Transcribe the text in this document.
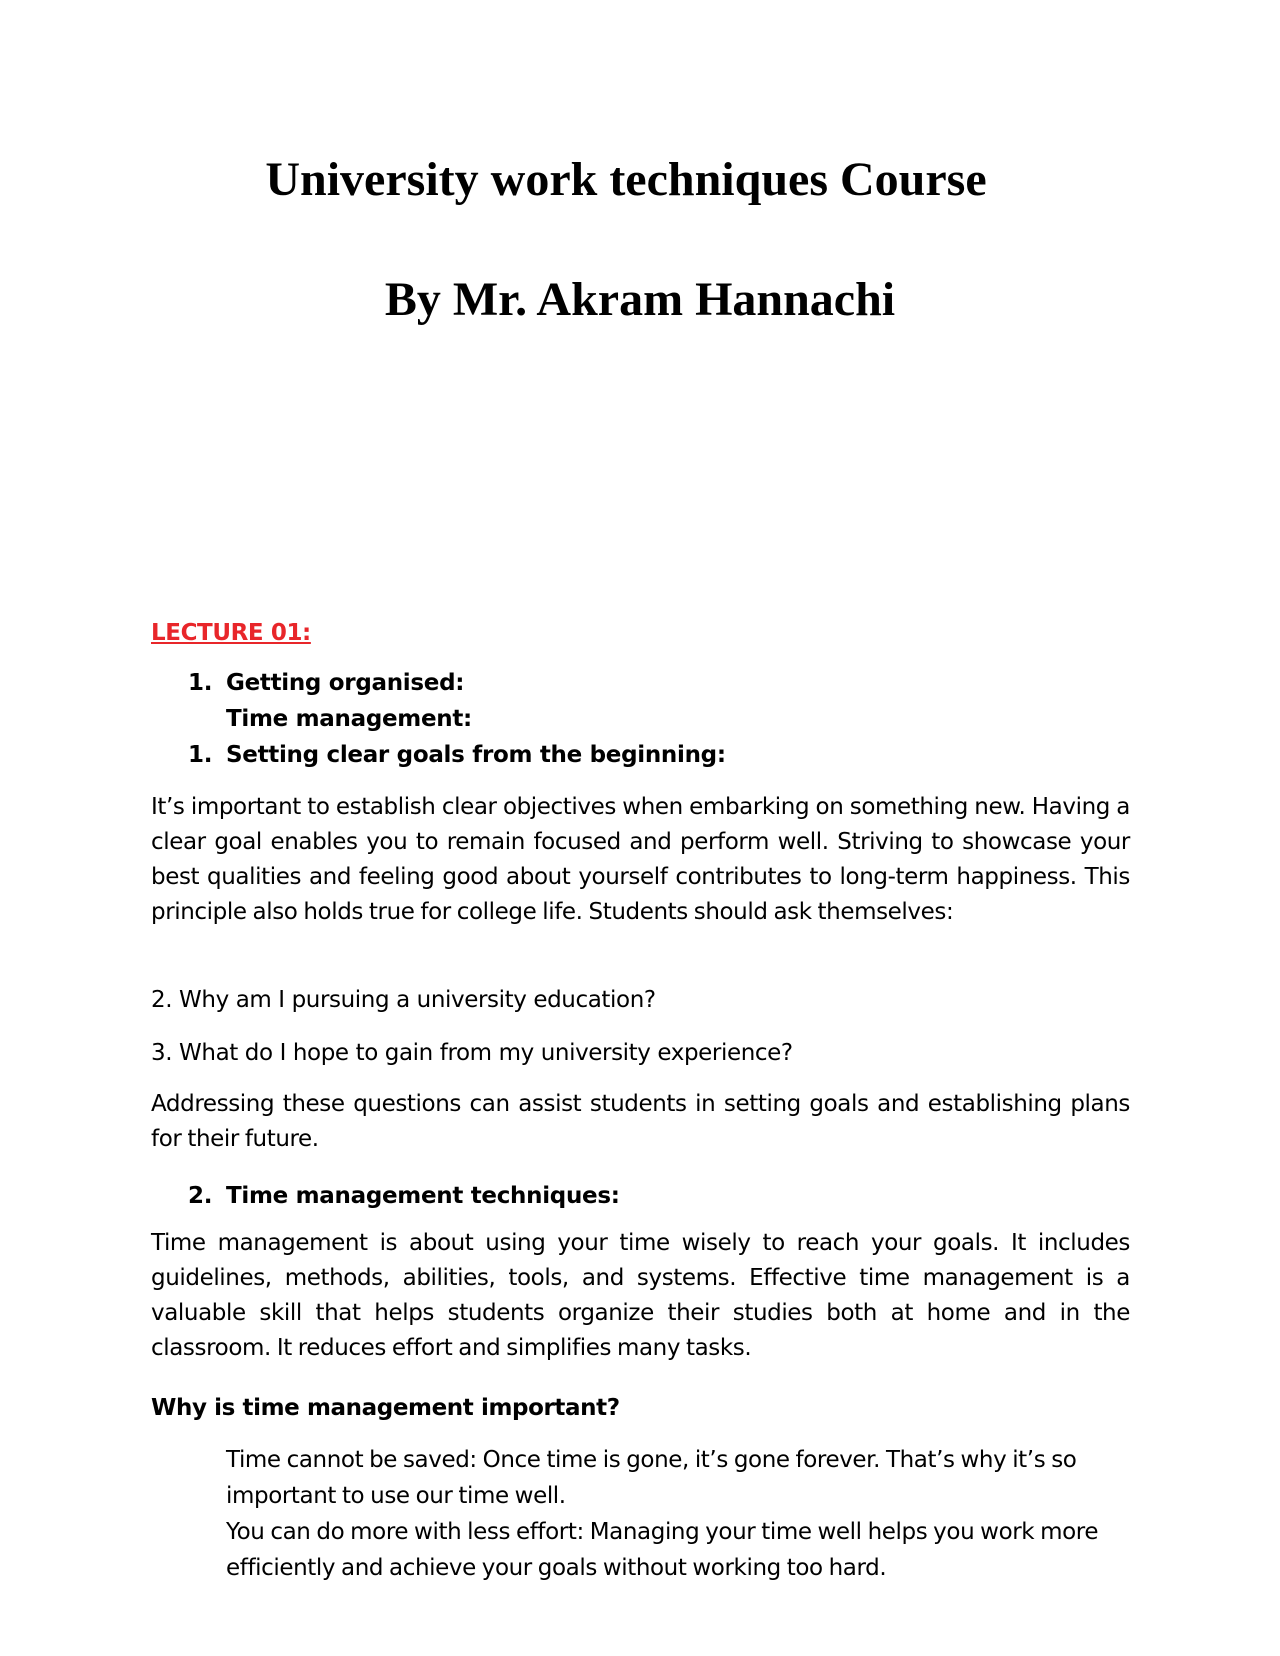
University work techniques Course
By Mr. Akram Hannachi
LECTURE 01:
1. Getting organised:
Time management:
1. Setting clear goals from the beginning:

It’s important to establish clear objectives when embarking on something new. Having a clear goal enables you to remain focused and perform well. Striving to showcase your best qualities and feeling good about yourself contributes to long-term happiness. This principle also holds true for college life. Students should ask themselves:

2. Why am I pursuing a university education?
3. What do I hope to gain from my university experience?

Addressing these questions can assist students in setting goals and establishing plans for their future.

2. Time management techniques:

Time management is about using your time wisely to reach your goals. It includes guidelines, methods, abilities, tools, and systems. Effective time management is a valuable skill that helps students organize their studies both at home and in the classroom. It reduces effort and simplifies many tasks.

Why is time management important?

Time cannot be saved: Once time is gone, it’s gone forever. That’s why it’s so important to use our time well.

You can do more with less effort: Managing your time well helps you work more efficiently and achieve your goals without working too hard.
